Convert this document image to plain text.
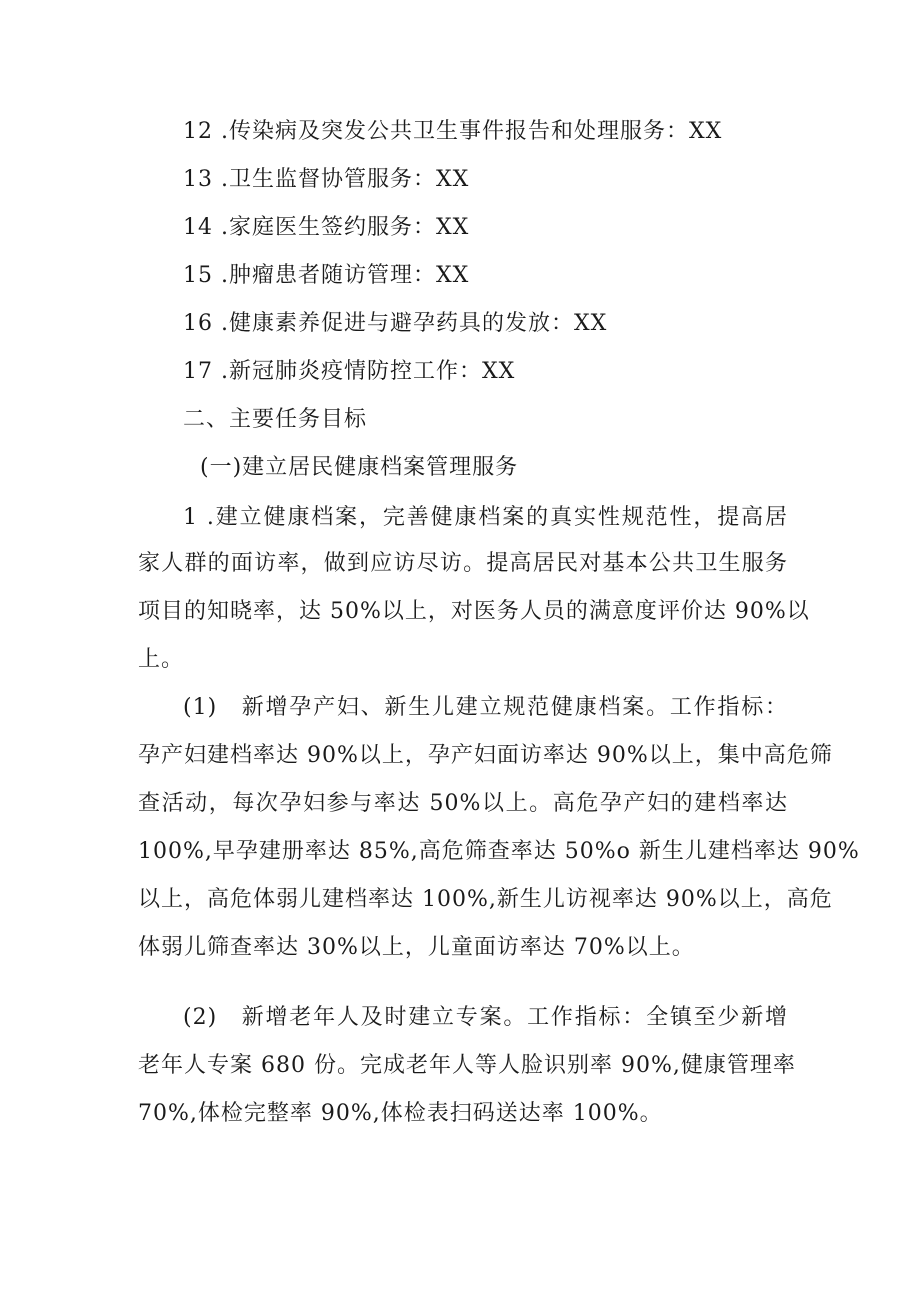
12 .传染病及突发公共卫生事件报告和处理服务：XX
13 .卫生监督协管服务：XX
14 .家庭医生签约服务：XX
15 .肿瘤患者随访管理：XX
16 .健康素养促进与避孕药具的发放：XX
17 .新冠肺炎疫情防控工作：XX
二、主要任务目标
(一)建立居民健康档案管理服务
1 .建立健康档案，完善健康档案的真实性规范性，提高居
家人群的面访率，做到应访尽访。提高居民对基本公共卫生服务
项目的知晓率，达 50%以上，对医务人员的满意度评价达 90%以
上。
(1)　新增孕产妇、新生儿建立规范健康档案。工作指标：
孕产妇建档率达 90%以上，孕产妇面访率达 90%以上，集中高危筛
查活动，每次孕妇参与率达 50%以上。高危孕产妇的建档率达
100%,早孕建册率达 85%,高危筛查率达 50%o 新生儿建档率达 90%
以上，高危体弱儿建档率达 100%,新生儿访视率达 90%以上，高危
体弱儿筛查率达 30%以上，儿童面访率达 70%以上。
(2)　新增老年人及时建立专案。工作指标：全镇至少新增
老年人专案 680 份。完成老年人等人脸识别率 90%,健康管理率
70%,体检完整率 90%,体检表扫码送达率 100%。
